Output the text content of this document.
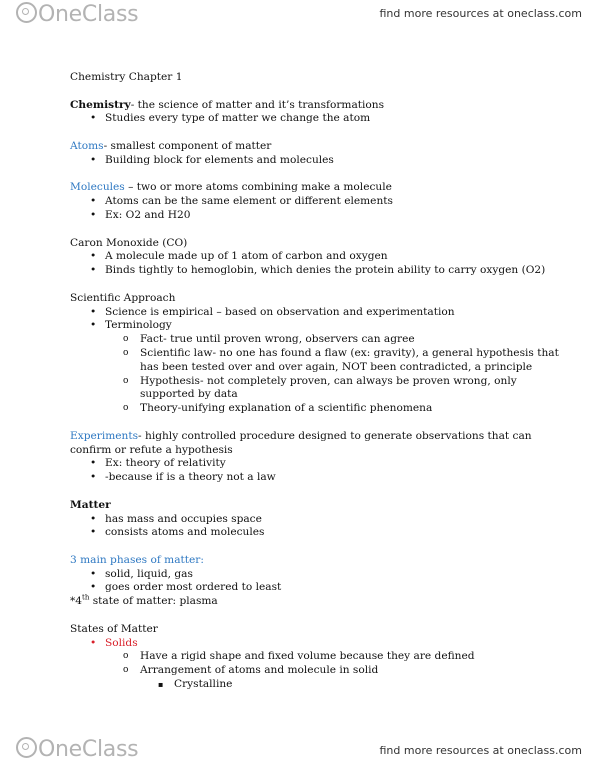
OneClass	find more resources at oneclass.com
Chemistry Chapter 1
Chemistry- the science of matter and it’s transformations
• Studies every type of matter we change the atom
Atoms- smallest component of matter
• Building block for elements and molecules
Molecules – two or more atoms combining make a molecule
• Atoms can be the same element or different elements
• Ex: O2 and H20
Caron Monoxide (CO)
• A molecule made up of 1 atom of carbon and oxygen
• Binds tightly to hemoglobin, which denies the protein ability to carry oxygen (O2)
Scientific Approach
• Science is empirical – based on observation and experimentation
• Terminology
o Fact- true until proven wrong, observers can agree
o Scientific law- no one has found a flaw (ex: gravity), a general hypothesis that
has been tested over and over again, NOT been contradicted, a principle
o Hypothesis- not completely proven, can always be proven wrong, only
supported by data
o Theory-unifying explanation of a scientific phenomena
Experiments- highly controlled procedure designed to generate observations that can
confirm or refute a hypothesis
• Ex: theory of relativity
• -because if is a theory not a law
Matter
• has mass and occupies space
• consists atoms and molecules
3 main phases of matter:
• solid, liquid, gas
• goes order most ordered to least
*4th state of matter: plasma
States of Matter
• Solids
o Have a rigid shape and fixed volume because they are defined
o Arrangement of atoms and molecule in solid
▪ Crystalline
OneClass	find more resources at oneclass.com
